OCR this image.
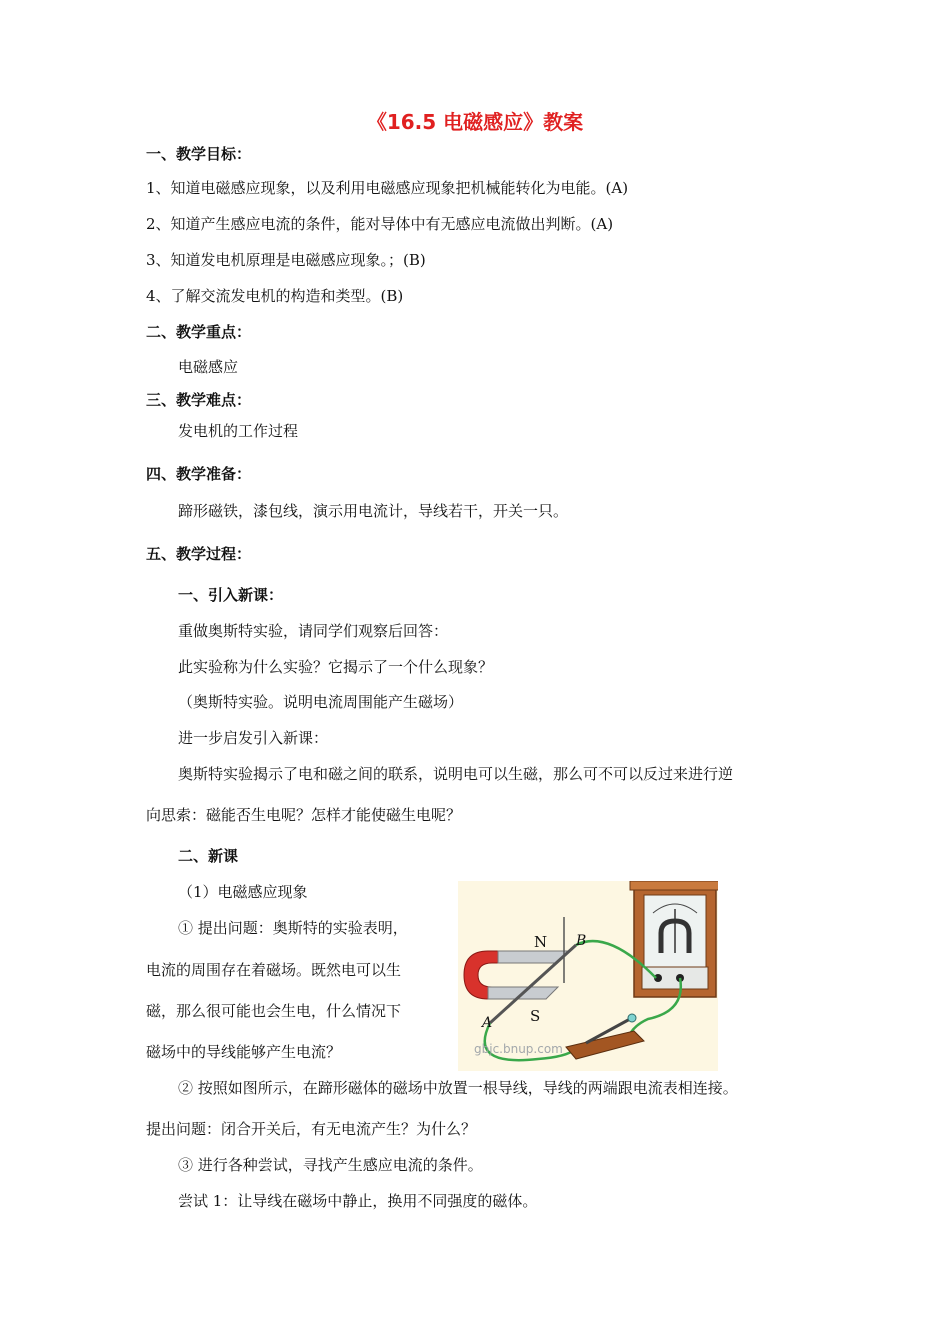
《16.5 电磁感应》教案
一、教学目标：
1、知道电磁感应现象，以及利用电磁感应现象把机械能转化为电能。(A)
2、知道产生感应电流的条件，能对导体中有无感应电流做出判断。(A)
3、知道发电机原理是电磁感应现象。；(B)
4、了解交流发电机的构造和类型。(B)
二、教学重点：
电磁感应
三、教学难点：
发电机的工作过程
四、教学准备：
蹄形磁铁，漆包线，演示用电流计，导线若干，开关一只。
五、教学过程：
一、引入新课：
重做奥斯特实验，请同学们观察后回答：
此实验称为什么实验？它揭示了一个什么现象？
（奥斯特实验。说明电流周围能产生磁场）
进一步启发引入新课：
奥斯特实验揭示了电和磁之间的联系，说明电可以生磁，那么可不可以反过来进行逆
向思索：磁能否生电呢？怎样才能使磁生电呢？
二、新课
（1）电磁感应现象
① 提出问题：奥斯特的实验表明，
电流的周围存在着磁场。既然电可以生
磁，那么很可能也会生电，什么情况下
磁场中的导线能够产生电流？
② 按照如图所示，在蹄形磁体的磁场中放置一根导线，导线的两端跟电流表相连接。
提出问题：闭合开关后，有无电流产生？为什么？
③ 进行各种尝试，寻找产生感应电流的条件。
尝试 1：让导线在磁场中静止，换用不同强度的磁体。
N
S
A
B
gbjc.bnup.com
